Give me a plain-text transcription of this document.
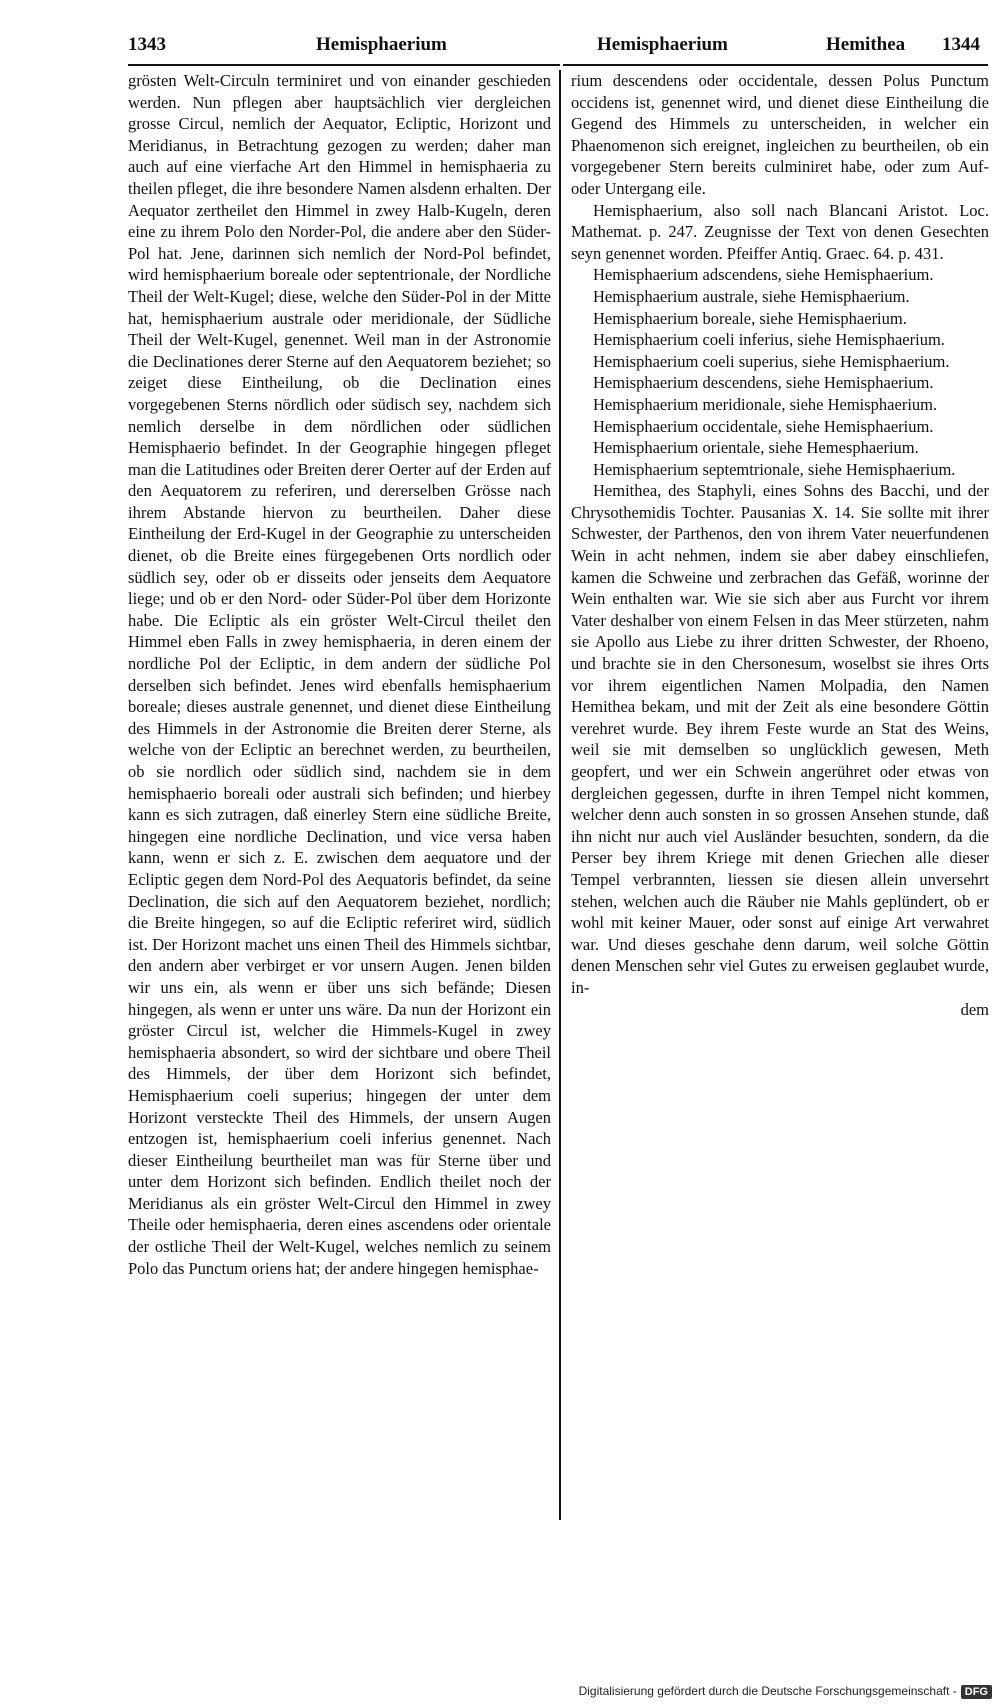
1343	Hemisphaerium	Hemisphaerium	Hemithea 1344

grösten Welt-Circuln terminiret und von einander geschieden werden. Nun pflegen aber hauptsächlich vier dergleichen grosse Circul, nemlich der Aequator, Ecliptic, Horizont und Meridianus, in Betrachtung gezogen zu werden; daher man auch auf eine vierfache Art den Himmel in hemisphaeria zu theilen pfleget, die ihre besondere Namen alsdenn erhalten. Der Aequator zertheilet den Himmel in zwey Halb-Kugeln, deren eine zu ihrem Polo den Norder-Pol, die andere aber den Süder-Pol hat. Jene, darinnen sich nemlich der Nord-Pol befindet, wird hemisphaerium boreale oder septentrionale, der Nordliche Theil der Welt-Kugel; diese, welche den Süder-Pol in der Mitte hat, hemisphaerium australe oder meridionale, der Südliche Theil der Welt-Kugel, genennet. Weil man in der Astronomie die Declinationes derer Sterne auf den Aequatorem beziehet; so zeiget diese Eintheilung, ob die Declination eines vorgegebenen Sterns nördlich oder südisch sey, nachdem sich nemlich derselbe in dem nördlichen oder südlichen Hemisphaerio befindet. In der Geographie hingegen pfleget man die Latitudines oder Breiten derer Oerter auf der Erden auf den Aequatorem zu referiren, und dererselben Grösse nach ihrem Abstande hiervon zu beurtheilen. Daher diese Eintheilung der Erd-Kugel in der Geographie zu unterscheiden dienet, ob die Breite eines fürgegebenen Orts nordlich oder südlich sey, oder ob er disseits oder jenseits dem Aequatore liege; und ob er den Nord- oder Süder-Pol über dem Horizonte habe. Die Ecliptic als ein gröster Welt-Circul theilet den Himmel eben Falls in zwey hemisphaeria, in deren einem der nordliche Pol der Ecliptic, in dem andern der südliche Pol derselben sich befindet. Jenes wird ebenfalls hemisphaerium boreale; dieses australe genennet, und dienet diese Eintheilung des Himmels in der Astronomie die Breiten derer Sterne, als welche von der Ecliptic an berechnet werden, zu beurtheilen, ob sie nordlich oder südlich sind, nachdem sie in dem hemisphaerio boreali oder australi sich befinden; und hierbey kann es sich zutragen, daß einerley Stern eine südliche Breite, hingegen eine nordliche Declination, und vice versa haben kann, wenn er sich z. E. zwischen dem aequatore und der Ecliptic gegen dem Nord-Pol des Aequatoris befindet, da seine Declination, die sich auf den Aequatorem beziehet, nordlich; die Breite hingegen, so auf die Ecliptic referiret wird, südlich ist. Der Horizont machet uns einen Theil des Himmels sichtbar, den andern aber verbirget er vor unsern Augen. Jenen bilden wir uns ein, als wenn er über uns sich befände; Diesen hingegen, als wenn er unter uns wäre. Da nun der Horizont ein gröster Circul ist, welcher die Himmels-Kugel in zwey hemisphaeria absondert, so wird der sichtbare und obere Theil des Himmels, der über dem Horizont sich befindet, Hemisphaerium coeli superius; hingegen der unter dem Horizont versteckte Theil des Himmels, der unsern Augen entzogen ist, hemisphaerium coeli inferius genennet. Nach dieser Eintheilung beurtheilet man was für Sterne über und unter dem Horizont sich befinden. Endlich theilet noch der Meridianus als ein gröster Welt-Circul den Himmel in zwey Theile oder hemisphaeria, deren eines ascendens oder orientale der ostliche Theil der Welt-Kugel, welches nemlich zu seinem Polo das Punctum oriens hat; der andere hingegen hemisphae-

rium descendens oder occidentale, dessen Polus Punctum occidens ist, genennet wird, und dienet diese Eintheilung die Gegend des Himmels zu unterscheiden, in welcher ein Phaenomenon sich ereignet, ingleichen zu beurtheilen, ob ein vorgegebener Stern bereits culminiret habe, oder zum Auf- oder Untergang eile.

Hemisphaerium, also soll nach Blancani Aristot. Loc. Mathemat. p. 247. Zeugnisse der Text von denen Gesechten seyn genennet worden. Pfeiffer Antiq. Graec. 64. p. 431.

Hemisphaerium adscendens, siehe Hemisphaerium.

Hemisphaerium australe, siehe Hemisphaerium.

Hemisphaerium boreale, siehe Hemisphaerium.

Hemisphaerium coeli inferius, siehe Hemisphaerium.

Hemisphaerium coeli superius, siehe Hemisphaerium.

Hemisphaerium descendens, siehe Hemisphaerium.

Hemisphaerium meridionale, siehe Hemisphaerium.

Hemisphaerium occidentale, siehe Hemisphaerium.

Hemisphaerium orientale, siehe Hemesphaerium.

Hemisphaerium septemtrionale, siehe Hemisphaerium.

Hemithea, des Staphyli, eines Sohns des Bacchi, und der Chrysothemidis Tochter. Pausanias X. 14. Sie sollte mit ihrer Schwester, der Parthenos, den von ihrem Vater neuerfundenen Wein in acht nehmen, indem sie aber dabey einschliefen, kamen die Schweine und zerbrachen das Gefäß, worinne der Wein enthalten war. Wie sie sich aber aus Furcht vor ihrem Vater deshalber von einem Felsen in das Meer stürzeten, nahm sie Apollo aus Liebe zu ihrer dritten Schwester, der Rhoeno, und brachte sie in den Chersonesum, woselbst sie ihres Orts vor ihrem eigentlichen Namen Molpadia, den Namen Hemithea bekam, und mit der Zeit als eine besondere Göttin verehret wurde. Bey ihrem Feste wurde an Stat des Weins, weil sie mit demselben so unglücklich gewesen, Meth geopfert, und wer ein Schwein angerühret oder etwas von dergleichen gegessen, durfte in ihren Tempel nicht kommen, welcher denn auch sonsten in so grossen Ansehen stunde, daß ihn nicht nur auch viel Ausländer besuchten, sondern, da die Perser bey ihrem Kriege mit denen Griechen alle dieser Tempel verbrannten, liessen sie diesen allein unversehrt stehen, welchen auch die Räuber nie Mahls geplündert, ob er wohl mit keiner Mauer, oder sonst auf einige Art verwahret war. Und dieses geschahe denn darum, weil solche Göttin denen Menschen sehr viel Gutes zu erweisen geglaubet wurde, in-

dem

Digitalisierung gefördert durch die Deutsche Forschungsgemeinschaft - DFG
